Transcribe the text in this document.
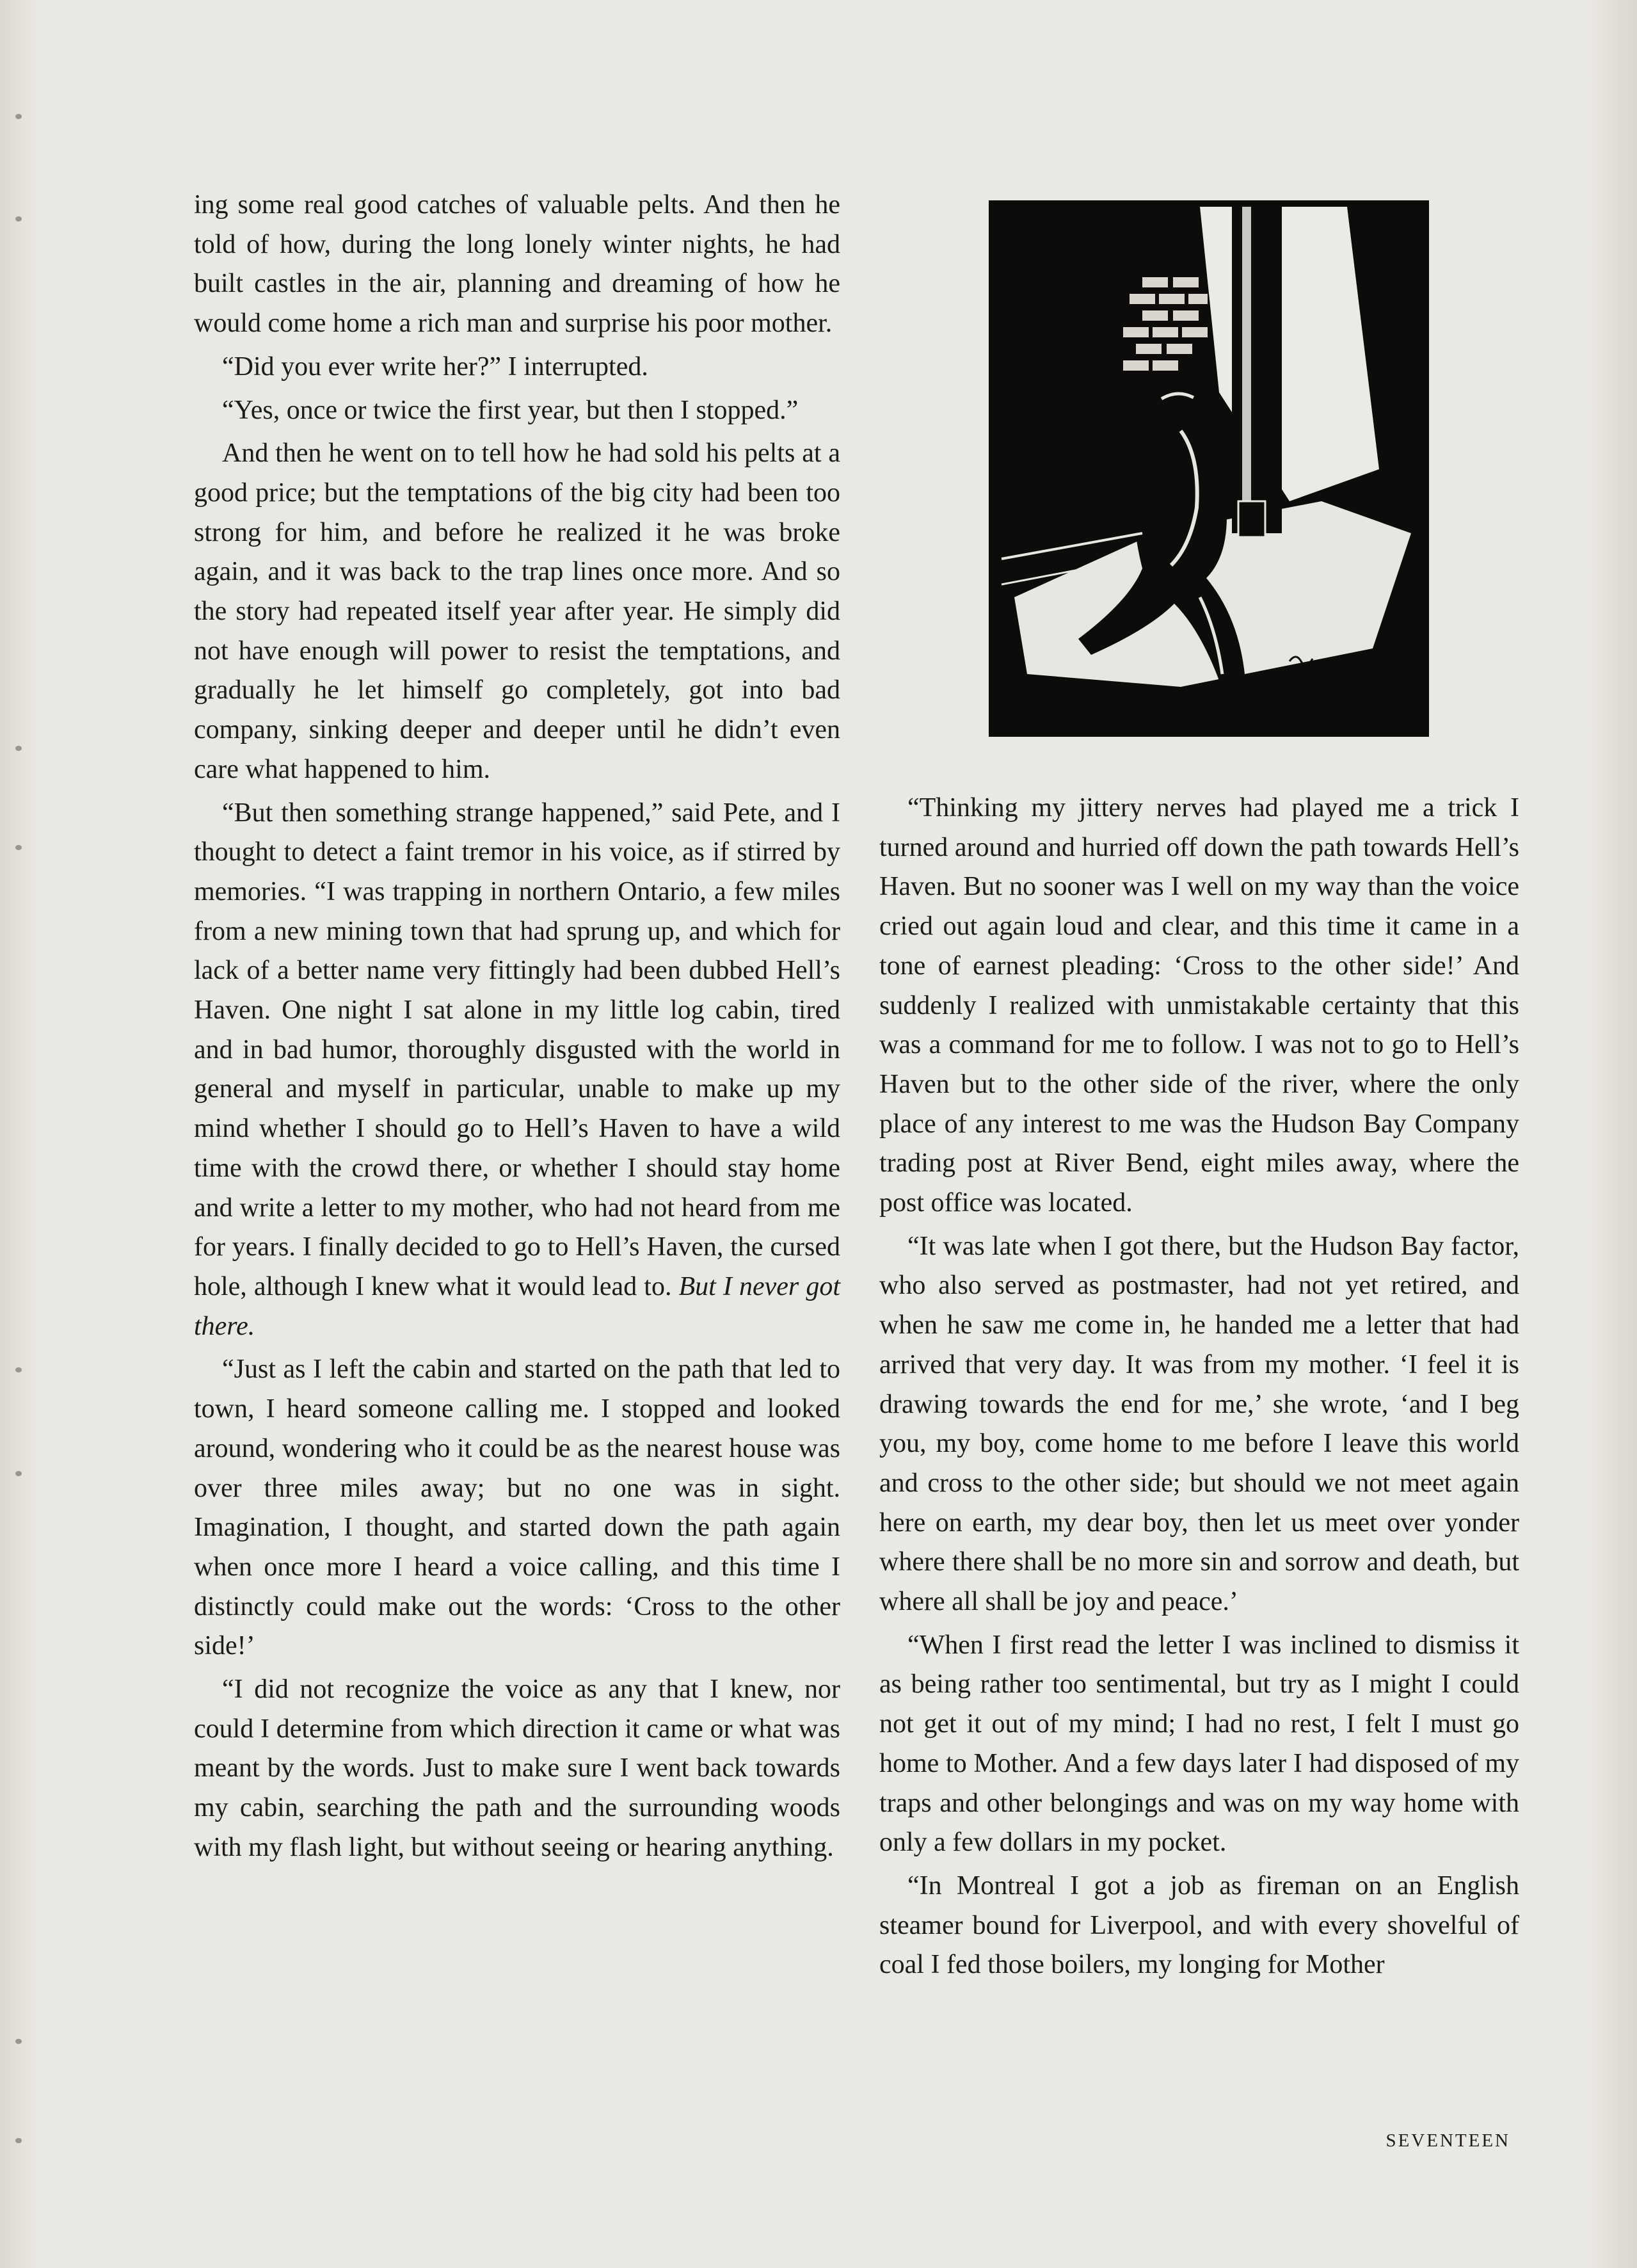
ing some real good catches of valuable pelts. And then he told of how, during the long lonely winter nights, he had built castles in the air, planning and dreaming of how he would come home a rich man and surprise his poor mother.

“Did you ever write her?” I interrupted.

“Yes, once or twice the first year, but then I stopped.”

And then he went on to tell how he had sold his pelts at a good price; but the temptations of the big city had been too strong for him, and before he realized it he was broke again, and it was back to the trap lines once more. And so the story had repeated itself year after year. He simply did not have enough will power to resist the temptations, and gradually he let himself go completely, got into bad company, sinking deeper and deeper until he didn’t even care what happened to him.

“But then something strange happened,” said Pete, and I thought to detect a faint tremor in his voice, as if stirred by memories. “I was trapping in northern Ontario, a few miles from a new mining town that had sprung up, and which for lack of a better name very fittingly had been dubbed Hell’s Haven. One night I sat alone in my little log cabin, tired and in bad humor, thoroughly disgusted with the world in general and myself in particular, unable to make up my mind whether I should go to Hell’s Haven to have a wild time with the crowd there, or whether I should stay home and write a letter to my mother, who had not heard from me for years. I finally decided to go to Hell’s Haven, the cursed hole, although I knew what it would lead to. But I never got there.

“Just as I left the cabin and started on the path that led to town, I heard someone calling me. I stopped and looked around, wondering who it could be as the nearest house was over three miles away; but no one was in sight. Imagination, I thought, and started down the path again when once more I heard a voice calling, and this time I distinctly could make out the words: ‘Cross to the other side!’

“I did not recognize the voice as any that I knew, nor could I determine from which direction it came or what was meant by the words. Just to make sure I went back towards my cabin, searching the path and the surrounding woods with my flash light, but without seeing or hearing anything.

“Thinking my jittery nerves had played me a trick I turned around and hurried off down the path towards Hell’s Haven. But no sooner was I well on my way than the voice cried out again loud and clear, and this time it came in a tone of earnest pleading: ‘Cross to the other side!’ And suddenly I realized with unmistakable certainty that this was a command for me to follow. I was not to go to Hell’s Haven but to the other side of the river, where the only place of any interest to me was the Hudson Bay Company trading post at River Bend, eight miles away, where the post office was located.

“It was late when I got there, but the Hudson Bay factor, who also served as postmaster, had not yet retired, and when he saw me come in, he handed me a letter that had arrived that very day. It was from my mother. ‘I feel it is drawing towards the end for me,’ she wrote, ‘and I beg you, my boy, come home to me before I leave this world and cross to the other side; but should we not meet again here on earth, my dear boy, then let us meet over yonder where there shall be no more sin and sorrow and death, but where all shall be joy and peace.’

“When I first read the letter I was inclined to dismiss it as being rather too sentimental, but try as I might I could not get it out of my mind; I had no rest, I felt I must go home to Mother. And a few days later I had disposed of my traps and other belongings and was on my way home with only a few dollars in my pocket.

“In Montreal I got a job as fireman on an English steamer bound for Liverpool, and with every shovelful of coal I fed those boilers, my longing for Mother

SEVENTEEN
